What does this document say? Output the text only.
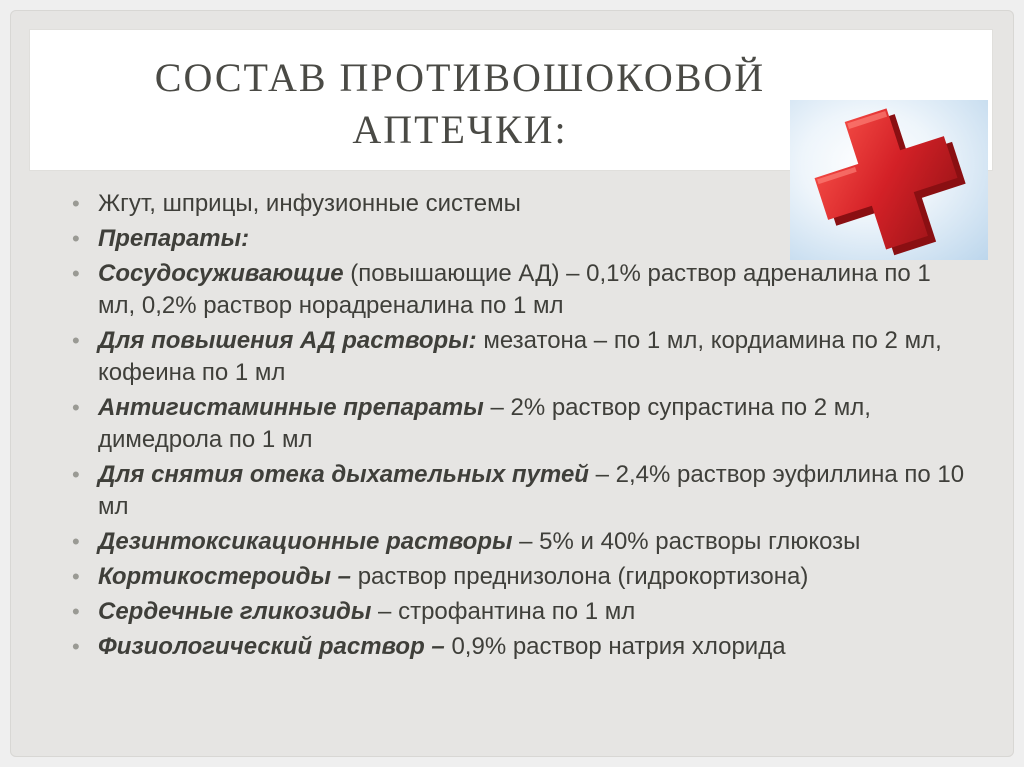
СОСТАВ ПРОТИВОШОКОВОЙ
АПТЕЧКИ:
• Жгут, шприцы, инфузионные системы
• Препараты:
• Сосудосуживающие (повышающие АД) – 0,1% раствор адреналина по 1 мл, 0,2% раствор норадреналина по 1 мл
• Для повышения АД растворы: мезатона – по 1 мл, кордиамина по 2 мл, кофеина по 1 мл
• Антигистаминные препараты – 2% раствор супрастина по 2 мл, димедрола по 1 мл
• Для снятия отека дыхательных путей – 2,4% раствор эуфиллина по 10 мл
• Дезинтоксикационные растворы – 5% и 40% растворы глюкозы
• Кортикостероиды – раствор преднизолона (гидрокортизона)
• Сердечные гликозиды – строфантина по 1 мл
• Физиологический раствор – 0,9% раствор натрия хлорида
